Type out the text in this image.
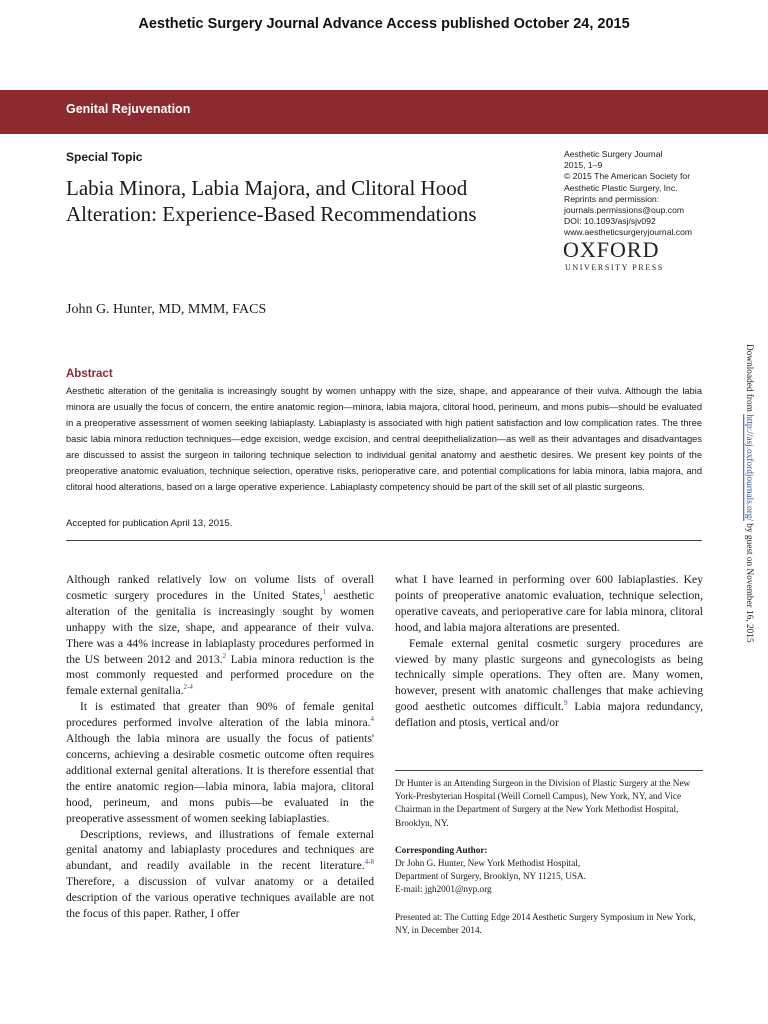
Aesthetic Surgery Journal Advance Access published October 24, 2015
Genital Rejuvenation
Special Topic
Labia Minora, Labia Majora, and Clitoral Hood Alteration: Experience-Based Recommendations
Aesthetic Surgery Journal
2015, 1–9
© 2015 The American Society for
Aesthetic Plastic Surgery, Inc.
Reprints and permission:
journals.permissions@oup.com
DOI: 10.1093/asj/sjv092
www.aestheticsurgeryjournal.com
OXFORD
UNIVERSITY PRESS
John G. Hunter, MD, MMM, FACS
Abstract
Aesthetic alteration of the genitalia is increasingly sought by women unhappy with the size, shape, and appearance of their vulva. Although the labia minora are usually the focus of concern, the entire anatomic region—minora, labia majora, clitoral hood, perineum, and mons pubis—should be evaluated in a preoperative assessment of women seeking labiaplasty. Labiaplasty is associated with high patient satisfaction and low complication rates. The three basic labia minora reduction techniques—edge excision, wedge excision, and central deepithelialization—as well as their advantages and disadvantages are discussed to assist the surgeon in tailoring technique selection to individual genital anatomy and aesthetic desires. We present key points of the preoperative anatomic evaluation, technique selection, operative risks, perioperative care, and potential complications for labia minora, labia majora, and clitoral hood alterations, based on a large operative experience. Labiaplasty competency should be part of the skill set of all plastic surgeons.
Accepted for publication April 13, 2015.

Although ranked relatively low on volume lists of overall cosmetic surgery procedures in the United States,$^1$ aesthetic alteration of the genitalia is increasingly sought by women unhappy with the size, shape, and appearance of their vulva. There was a 44% increase in labiaplasty procedures performed in the US between 2012 and 2013.$^2$ Labia minora reduction is the most commonly requested and performed procedure on the female external genitalia.$^{2-4}$

It is estimated that greater than 90% of female genital procedures performed involve alteration of the labia minora.$^4$ Although the labia minora are usually the focus of patients' concerns, achieving a desirable cosmetic outcome often requires additional external genital alterations. It is therefore essential that the entire anatomic region—labia minora, labia majora, clitoral hood, perineum, and mons pubis—be evaluated in the preoperative assessment of women seeking labiaplasties.

Descriptions, reviews, and illustrations of female external genital anatomy and labiaplasty procedures and techniques are abundant, and readily available in the recent literature.$^{4-8}$ Therefore, a discussion of vulvar anatomy or a detailed description of the various operative techniques available are not the focus of this paper. Rather, I offer

what I have learned in performing over 600 labiaplasties. Key points of preoperative anatomic evaluation, technique selection, operative caveats, and perioperative care for labia minora, clitoral hood, and labia majora alterations are presented.

Female external genital cosmetic surgery procedures are viewed by many plastic surgeons and gynecologists as being technically simple operations. They often are. Many women, however, present with anatomic challenges that make achieving good aesthetic outcomes difficult.$^9$ Labia majora redundancy, deflation and ptosis, vertical and/or

Dr Hunter is an Attending Surgeon in the Division of Plastic Surgery at the New York-Presbyterian Hospital (Weill Cornell Campus), New York, NY, and Vice Chairman in the Department of Surgery at the New York Methodist Hospital, Brooklyn, NY.

Corresponding Author:
Dr John G. Hunter, New York Methodist Hospital,
Department of Surgery, Brooklyn, NY 11215, USA.
E-mail: jgh2001@nyp.org

Presented at: The Cutting Edge 2014 Aesthetic Surgery Symposium in New York, NY, in December 2014.

Downloaded from http://asj.oxfordjournals.org/ by guest on November 16, 2015
